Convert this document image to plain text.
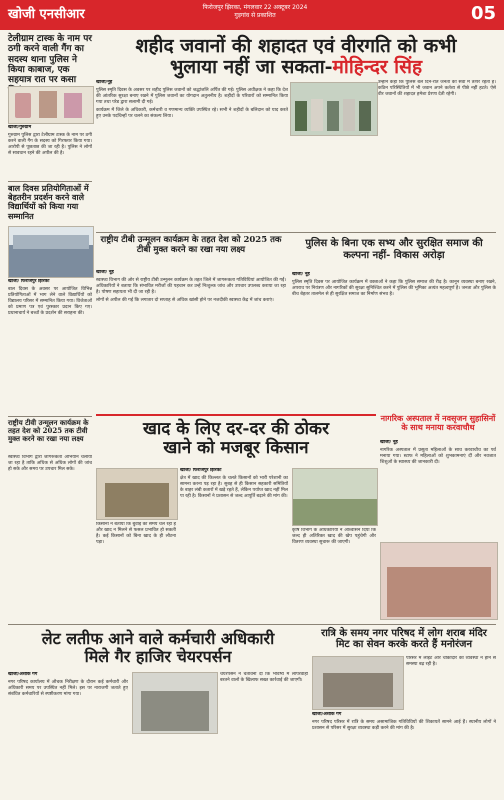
खोजी एनसीआर	फिरोजपुर झिरका, मंगलवार 22 अक्टूबर 2024
गुड़गांव से प्रकाशित	05
शहीद जवानों की शहादत एवं वीरगति को कभी
भुलाया नहीं जा सकता-मोहिन्दर सिंह
टेलीग्राम टास्क के नाम पर ठगी करने वाली गैंग का सदस्य थाना पुलिस ने किया काबाज, एक सहयात्र रात पर कसा

खोजी/गुरुग्राम

गुरुग्राम पुलिस द्वारा टेलीग्राम टास्क के नाम पर ठगी करने वाली गैंग के सदस्य को गिरफ्तार किया गया। आरोपी से पूछताछ की जा रही है। पुलिस ने लोगों से सावधान रहने की अपील की है।

बाल दिवस प्रतियोगिताओं में बेहतरीन प्रदर्शन करने वाले विद्यार्थियों को किया गया सम्मानित

खोजी/ फिरोजपुर झिरका

बाल दिवस के अवसर पर आयोजित विभिन्न प्रतियोगिताओं में भाग लेने वाले विद्यार्थियों को विद्यालय परिसर में सम्मानित किया गया। विजेताओं को प्रमाण पत्र एवं पुरस्कार प्रदान किए गए। प्रधानाचार्य ने बच्चों के प्रदर्शन की सराहना की।

राष्ट्रीय टीवी उन्मूलन कार्यक्रम के तहत देश को 2025 तक टीवी मुक्त करने का रखा नया लक्ष्य

स्वास्थ्य विभाग द्वारा जागरूकता अभियान चलाया जा रहा है ताकि अधिक से अधिक लोगों की जांच हो सके और समय पर उपचार मिल सके।

खोजी/नूंह

पुलिस स्मृति दिवस के अवसर पर शहीद पुलिस जवानों को श्रद्धांजलि अर्पित की गई। पुलिस अधीक्षक ने कहा कि देश की आंतरिक सुरक्षा बनाए रखने में पुलिस जवानों का योगदान अतुलनीय है। शहीदों के परिवारों को सम्मानित किया गया तथा परेड द्वारा सलामी दी गई।

कार्यक्रम में जिले के अधिकारी, कर्मचारी व गणमान्य व्यक्ति उपस्थित रहे। सभी ने शहीदों के बलिदान को याद करते हुए उनके पदचिन्हों पर चलने का संकल्प लिया।

उन्होंने कहा कि पुलिस बल दिन-रात जनता की सेवा में तत्पर रहता है। कठिन परिस्थितियों में भी जवान अपने कर्तव्य से पीछे नहीं हटते। ऐसे वीर जवानों की शहादत हमेशा प्रेरणा देती रहेगी।

राष्ट्रीय टीबी उन्मूलन कार्यक्रम के तहत देश को 2025 तक टीबी मुक्त करने का रखा नया लक्ष्य

खोजी/ नूंह

स्वास्थ्य विभाग की ओर से राष्ट्रीय टीबी उन्मूलन कार्यक्रम के तहत जिले में जागरूकता गतिविधियां आयोजित की गईं। अधिकारियों ने बताया कि संभावित मरीजों की पहचान कर उन्हें निःशुल्क जांच और उपचार उपलब्ध कराया जा रहा है। पोषण सहायता भी दी जा रही है।

लोगों से अपील की गई कि लगातार दो सप्ताह से अधिक खांसी होने पर नजदीकी स्वास्थ्य केंद्र में जांच कराएं।

पुलिस के बिना एक सभ्य और सुरक्षित समाज की कल्पना नहीं- विकास अरोड़ा

खोजी/ नूंह

पुलिस स्मृति दिवस पर आयोजित कार्यक्रम में वक्ताओं ने कहा कि पुलिस समाज की रीढ़ है। कानून व्यवस्था बनाए रखने, अपराध पर नियंत्रण और नागरिकों की सुरक्षा सुनिश्चित करने में पुलिस की भूमिका अत्यंत महत्वपूर्ण है। जनता और पुलिस के बीच बेहतर तालमेल से ही सुरक्षित समाज का निर्माण संभव है।

खाद के लिए दर-दर की ठोकर
खाने को मजबूर किसान

खोजी/ फिरोजपुर झिरका

क्षेत्र में खाद की किल्लत के चलते किसानों को भारी परेशानी का सामना करना पड़ रहा है। सुबह से ही किसान सहकारी समितियों के बाहर लंबी कतारों में खड़े रहते हैं, लेकिन पर्याप्त खाद नहीं मिल पा रही है। किसानों ने प्रशासन से जल्द आपूर्ति बढ़ाने की मांग की।

किसानों ने बताया कि बुवाई का समय चल रहा है और खाद न मिलने से फसल प्रभावित हो सकती है। कई किसानों को बिना खाद के ही लौटना पड़ा।

कृषि विभाग के अधिकारियों ने आश्वासन दिया कि जल्द ही अतिरिक्त खाद की खेप पहुंचेगी और वितरण व्यवस्था सुचारू की जाएगी।

नागरिक अस्पताल में नवसृजन सुहासिनों के साथ मनाया करवाचौथ

खोजी/ नूंह

नागरिक अस्पताल में प्रसूता महिलाओं के साथ करवाचौथ का पर्व मनाया गया। स्टाफ ने महिलाओं को शुभकामनाएं दीं और नवजात शिशुओं के स्वास्थ्य की जानकारी दी।

लेट लतीफ आने वाले कर्मचारी अधिकारी
मिले गैर हाजिर चेयरपर्सन

खोजी/अशोक गर्ग

नगर परिषद कार्यालय में औचक निरीक्षण के दौरान कई कर्मचारी और अधिकारी समय पर उपस्थित नहीं मिले। इस पर नाराजगी जताते हुए संबंधित कर्मचारियों से स्पष्टीकरण मांगा गया।

चेयरपर्सन ने चेतावनी दी कि भविष्य में लापरवाही बरतने वालों के खिलाफ सख्त कार्रवाई की जाएगी।

रात्रि के समय नगर परिषद में लोग शराब मंदिर
मिट का सेवन करके करते हैं मनोरंजन

खोजी/अशोक गर्ग

नगर परिषद परिसर में रात्रि के समय असामाजिक गतिविधियों की शिकायतें सामने आई हैं। स्थानीय लोगों ने प्रशासन से परिसर में सुरक्षा व्यवस्था कड़ी करने की मांग की है।

परिसर में लाइट और चौकीदार की व्यवस्था न होने से समस्या बढ़ रही है।
